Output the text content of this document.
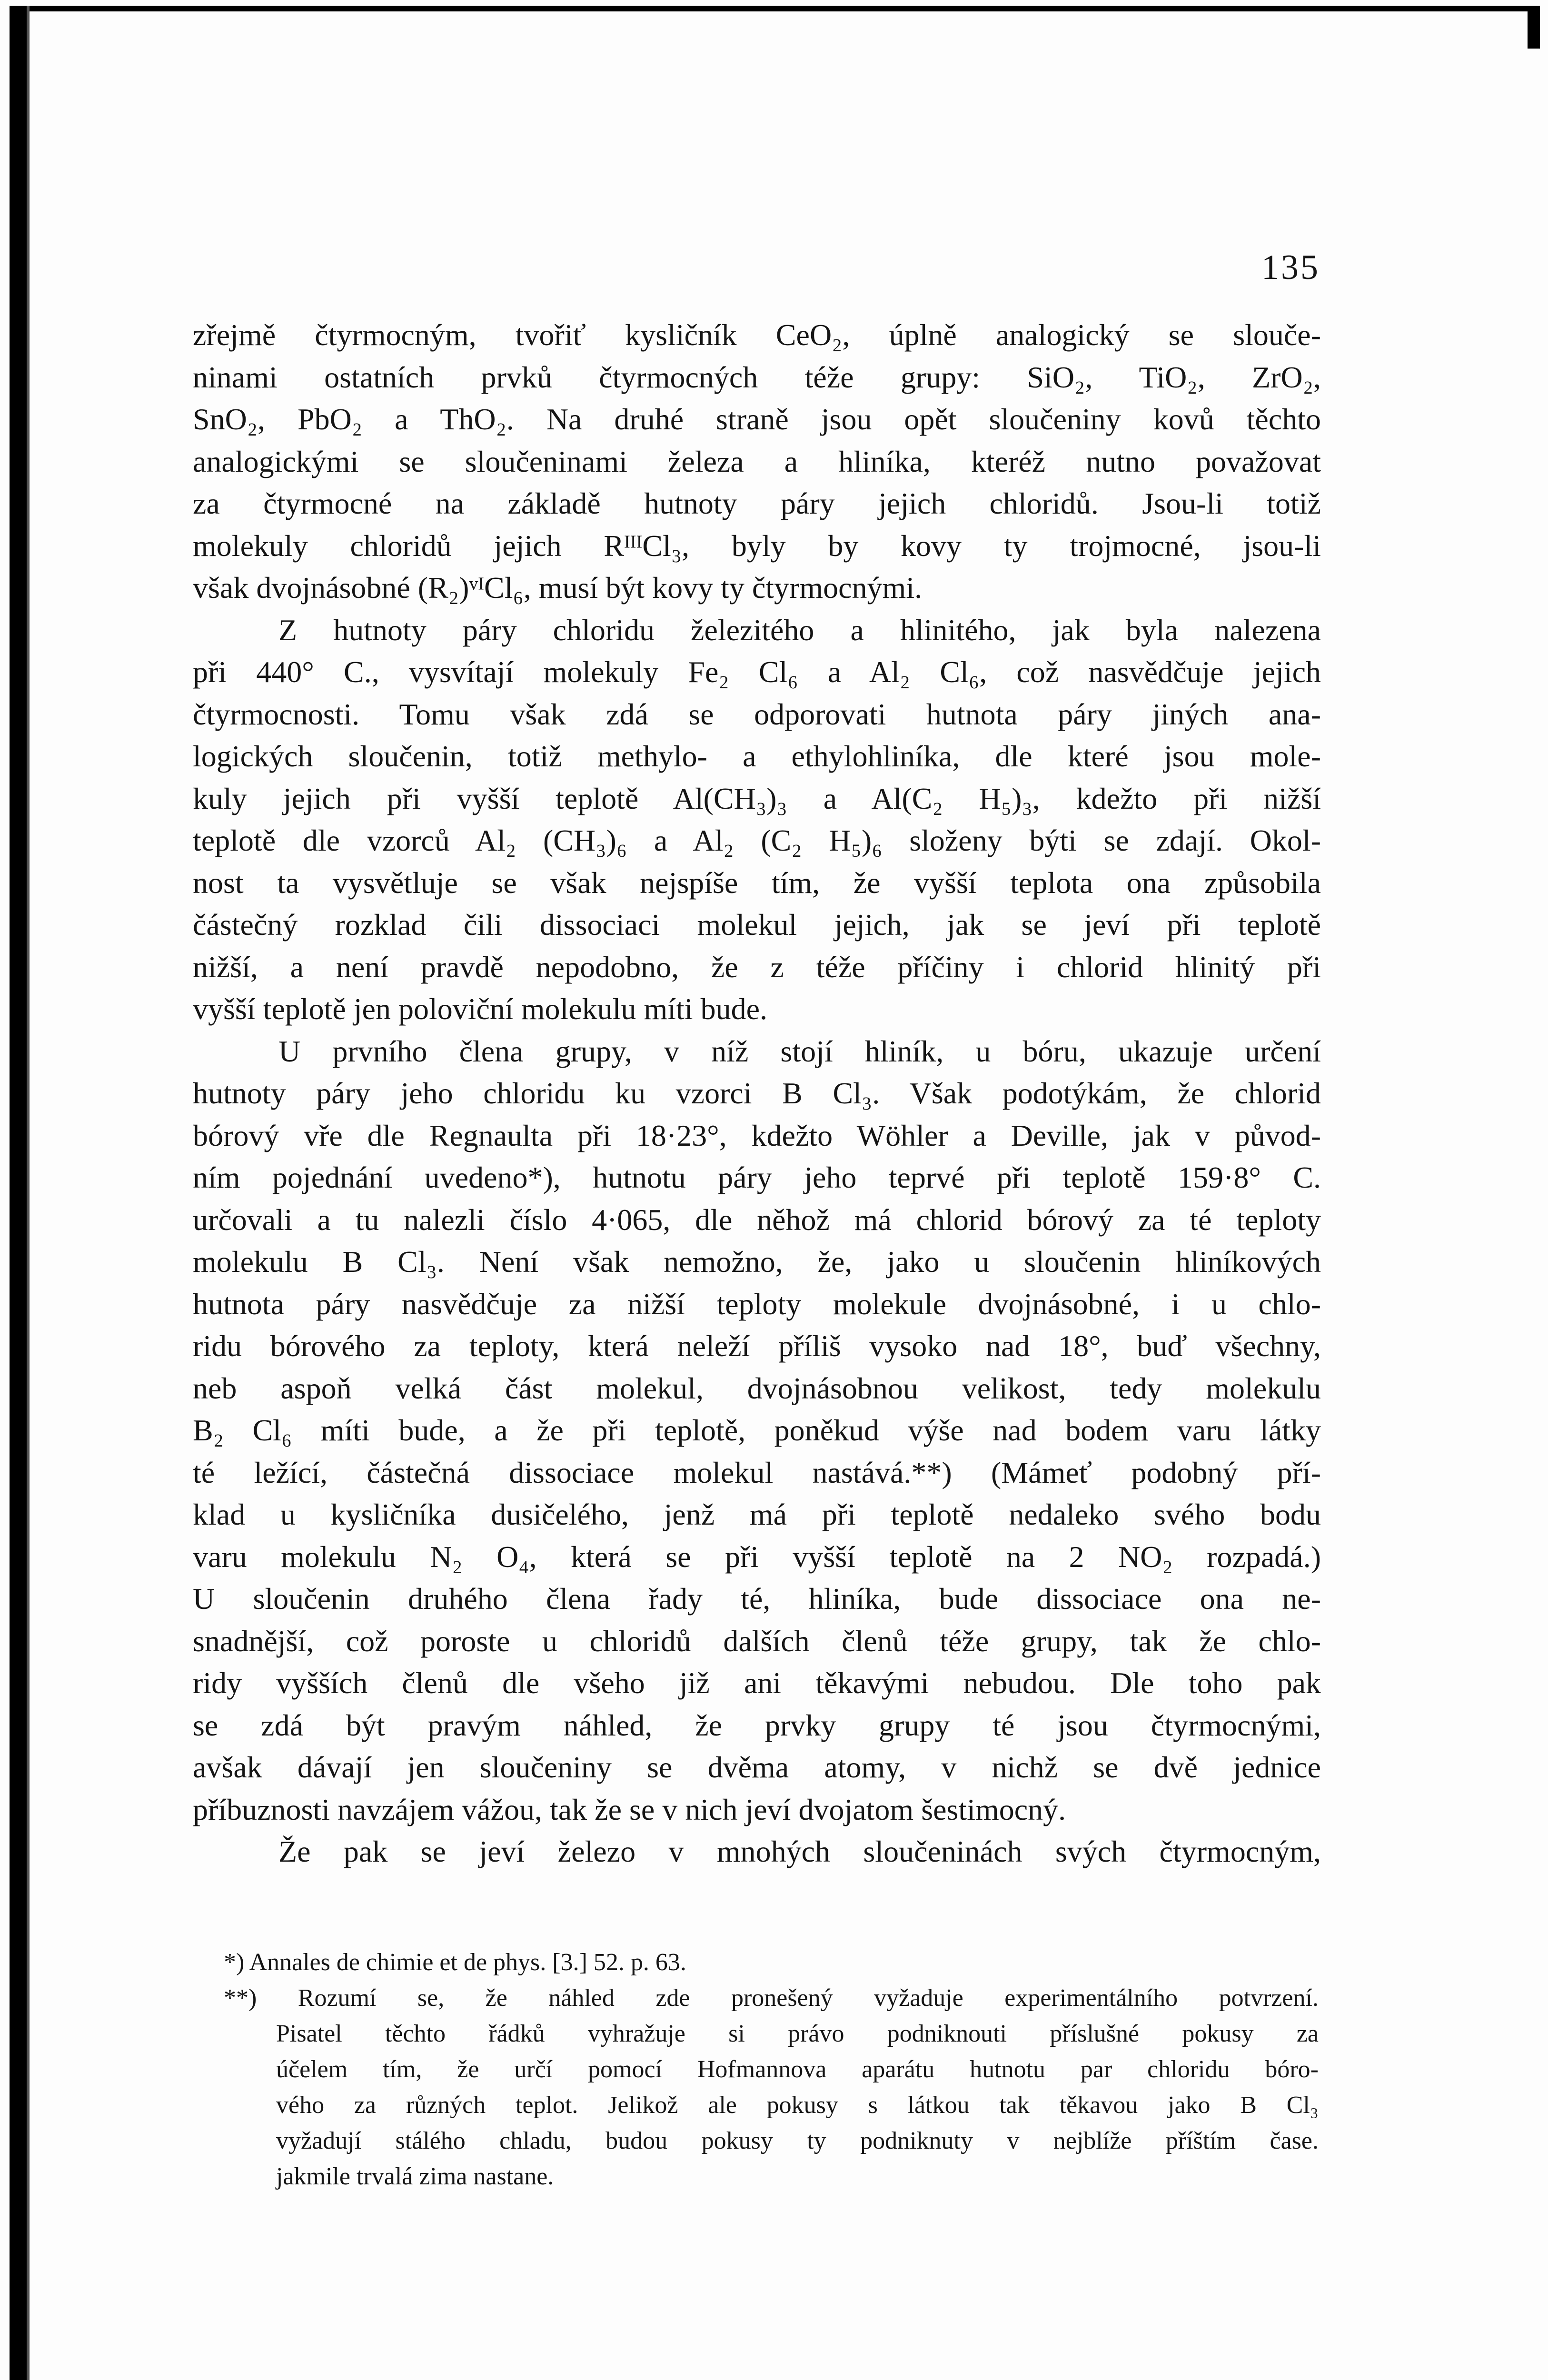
135
zřejmě čtyrmocným, tvořiť kysličník CeO₂, úplně analogický se slouče-
ninami ostatních prvků čtyrmocných téže grupy: SiO₂, TiO₂, ZrO₂,
SnO₂, PbO₂ a ThO₂. Na druhé straně jsou opět sloučeniny kovů těchto
analogickými se sloučeninami železa a hliníka, kteréž nutno považovat
za čtyrmocné na základě hutnoty páry jejich chloridů. Jsou-li totiž
molekuly chloridů jejich RᴵᴵᴵCl₃, byly by kovy ty trojmocné, jsou-li
však dvojnásobné (R₂)ᵛᴵCl₆, musí být kovy ty čtyrmocnými.
Z hutnoty páry chloridu železitého a hlinitého, jak byla nalezena
při 440° C., vysvítají molekuly Fe₂ Cl₆ a Al₂ Cl₆, což nasvědčuje jejich
čtyrmocnosti. Tomu však zdá se odporovati hutnota páry jiných ana-
logických sloučenin, totiž methylo- a ethylohliníka, dle které jsou mole-
kuly jejich při vyšší teplotě Al(CH₃)₃ a Al(C₂ H₅)₃, kdežto při nižší
teplotě dle vzorců Al₂ (CH₃)₆ a Al₂ (C₂ H₅)₆ složeny býti se zdají. Okol-
nost ta vysvětluje se však nejspíše tím, že vyšší teplota ona způsobila
částečný rozklad čili dissociaci molekul jejich, jak se jeví při teplotě
nižší, a není pravdě nepodobno, že z téže příčiny i chlorid hlinitý při
vyšší teplotě jen poloviční molekulu míti bude.
U prvního člena grupy, v níž stojí hliník, u bóru, ukazuje určení
hutnoty páry jeho chloridu ku vzorci B Cl₃. Však podotýkám, že chlorid
bórový vře dle Regnaulta při 18·23°, kdežto Wöhler a Deville, jak v původ-
ním pojednání uvedeno*), hutnotu páry jeho teprvé při teplotě 159·8° C.
určovali a tu nalezli číslo 4·065, dle něhož má chlorid bórový za té teploty
molekulu B Cl₃. Není však nemožno, že, jako u sloučenin hliníkových
hutnota páry nasvědčuje za nižší teploty molekule dvojnásobné, i u chlo-
ridu bórového za teploty, která neleží příliš vysoko nad 18°, buď všechny,
neb aspoň velká část molekul, dvojnásobnou velikost, tedy molekulu
B₂ Cl₆ míti bude, a že při teplotě, poněkud výše nad bodem varu látky
té ležící, částečná dissociace molekul nastává.**) (Mámeť podobný pří-
klad u kysličníka dusičelého, jenž má při teplotě nedaleko svého bodu
varu molekulu N₂ O₄, která se při vyšší teplotě na 2 NO₂ rozpadá.)
U sloučenin druhého člena řady té, hliníka, bude dissociace ona ne-
snadnější, což poroste u chloridů dalších členů téže grupy, tak že chlo-
ridy vyšších členů dle všeho již ani těkavými nebudou. Dle toho pak
se zdá být pravým náhled, že prvky grupy té jsou čtyrmocnými,
avšak dávají jen sloučeniny se dvěma atomy, v nichž se dvě jednice
příbuznosti navzájem vážou, tak že se v nich jeví dvojatom šestimocný.
Že pak se jeví železo v mnohých sloučeninách svých čtyrmocným,
*) Annales de chimie et de phys. [3.] 52. p. 63.
**) Rozumí se, že náhled zde pronešený vyžaduje experimentálního potvrzení.
Pisatel těchto řádků vyhražuje si právo podniknouti příslušné pokusy za
účelem tím, že určí pomocí Hofmannova aparátu hutnotu par chloridu bóro-
vého za různých teplot. Jelikož ale pokusy s látkou tak těkavou jako B Cl₃
vyžadují stálého chladu, budou pokusy ty podniknuty v nejblíže příštím čase.
jakmile trvalá zima nastane.
